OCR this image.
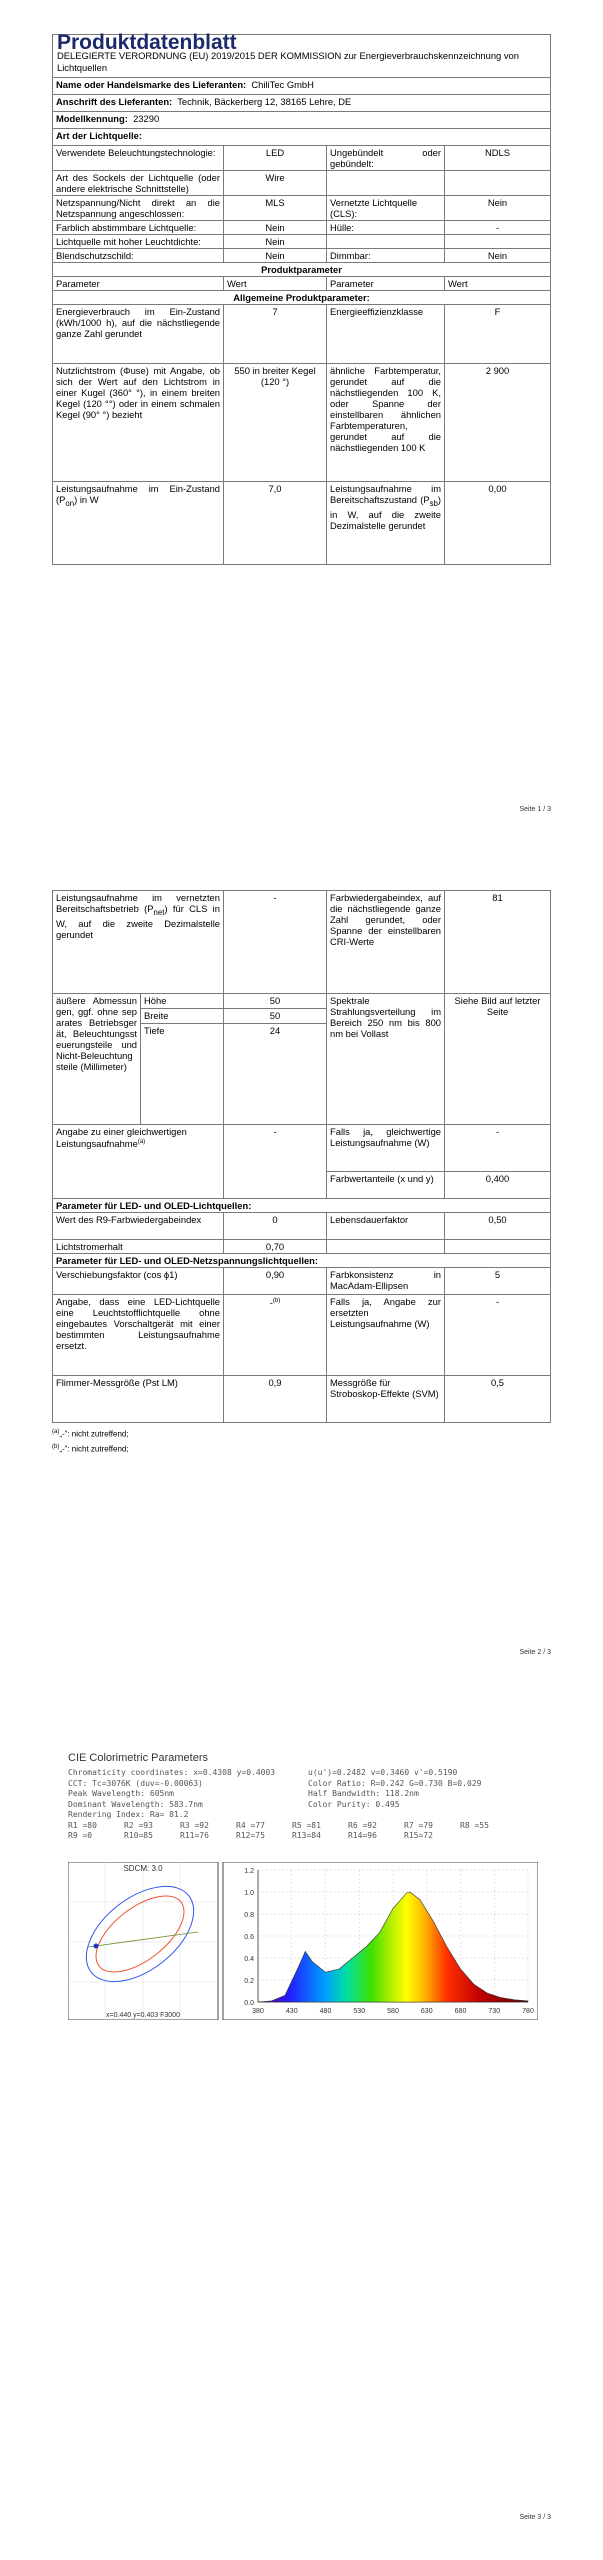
Produktdatenblatt
DELEGIERTE VERORDNUNG (EU) 2019/2015 DER KOMMISSION zur Energieverbrauchskennzeichnung von Lichtquellen			

Name oder Handelsmarke des Lieferanten: ChiliTec GmbH			
Anschrift des Lieferanten: Technik, Bäckerberg 12, 38165 Lehre, DE			
Modellkennung: 23290			
Art der Lichtquelle:			
Verwendete Beleuchtungstechnologie:	LED	Ungebündelt oder gebündelt:	NDLS
Art des Sockels der Lichtquelle (oder andere elektrische Schnittstelle)	Wire		
Netzspannung/Nicht direkt an die Netzspannung angeschlossen:	MLS	Vernetzte Lichtquelle (CLS):	Nein
Farblich abstimmbare Lichtquelle:	Nein	Hülle:	-
Lichtquelle mit hoher Leuchtdichte:	Nein		
Blendschutzschild:	Nein	Dimmbar:	Nein
Produktparameter			
Parameter	Wert	Parameter	Wert
Allgemeine Produktparameter:			
Energieverbrauch im Ein-Zustand (kWh/1000 h), auf die nächstliegende ganze Zahl gerundet	7	Energieeffizienzklasse	F
Nutzlichtstrom (Φuse) mit Angabe, ob sich der Wert auf den Lichtstrom in einer Kugel (360° °), in einem breiten Kegel (120 °°) oder in einem schmalen Kegel (90° °) bezieht	550 in breiter Kegel (120 °)	ähnliche Farbtemperatur, gerundet auf die nächstliegenden 100 K, oder Spanne der einstellbaren ähnlichen Farbtemperaturen, gerundet auf die nächstliegenden 100 K	2 900
Leistungsaufnahme im Ein-Zustand $(P_{on})$ in W	7,0	Leistungsaufnahme im Bereitschaftszustand $(P_{sb})$ in W, auf die zweite Dezimalstelle gerundet	0,00
Seite 1 / 3
Leistungsaufnahme im vernetzten Bereitschaftsbetrieb $(P_{net})$ für CLS in W, auf die zweite Dezimalstelle gerundet		-	Farbwiedergabeindex, auf die nächstliegende ganze Zahl gerundet, oder Spanne der einstellbaren CRI-Werte	81
äußere Abmessungen, ggf. ohne separates Betriebsgerät, Beleuchtungssteuerungsteile und Nicht-Beleuchtungsteile (Millimeter)	Höhe	50	Spektrale Strahlungsverteilung im Bereich 250 nm bis 800 nm bei Vollast	Siehe Bild auf letzter Seite
	Breite	50		
	Tiefe	24		
Angabe zu einer gleichwertigen Leistungsaufnahme$^{(a)}$		-	Falls ja, gleichwertige Leistungsaufnahme (W)	-
			Farbwertanteile (x und y)	0,400
Parameter für LED- und OLED-Lichtquellen:				
Wert des R9-Farbwiedergabeindex		0	Lebensdauerfaktor	0,50
Lichtstromerhalt		0,70		
Parameter für LED- und OLED-Netzspannungslichtquellen:				
Verschiebungsfaktor (cos ϕ1)		0,90	Farbkonsistenz in MacAdam-Ellipsen	5
Angabe, dass eine LED-Lichtquelle eine Leuchtstofflichtquelle ohne eingebautes Vorschaltgerät mit einer bestimmten Leistungsaufnahme ersetzt.		-$^{(b)}$	Falls ja, Angabe zur ersetzten Leistungsaufnahme (W)	-
Flimmer-Messgröße (Pst LM)		0,9	Messgröße für Stroboskop-Effekte (SVM)	0,5
$^{(a)}$„-“: nicht zutreffend;
$^{(b)}$„-“: nicht zutreffend;
Seite 2 / 3
CIE Colorimetric Parameters
Chromaticity coordinates: x=0.4308 y=0.4003	u(u')=0.2482 v=0.3460 v'=0.5190
CCT: Tc=3076K (duv=-0.00063)	Color Ratio: R=0.242 G=0.730 B=0.029
Peak Wavelength: 605nm	Half Bandwidth: 118.2nm
Dominant Wavelength: 583.7nm	Color Purity: 0.495
Rendering Index: Ra= 81.2
R1 =80	R2 =93	R3 =92	R4 =77	R5 =81	R6 =92	R7 =79	R8 =55
R9 =0	R10=85	R11=76	R12=75	R13=84	R14=96	R15=72
SDCM: 3.0
x=0.440 y=0.403 F3000
0.0
0.2
0.4
0.6
0.8
1.0
1.2
380	430	480	530	580	630	680	730	780
Seite 3 / 3
